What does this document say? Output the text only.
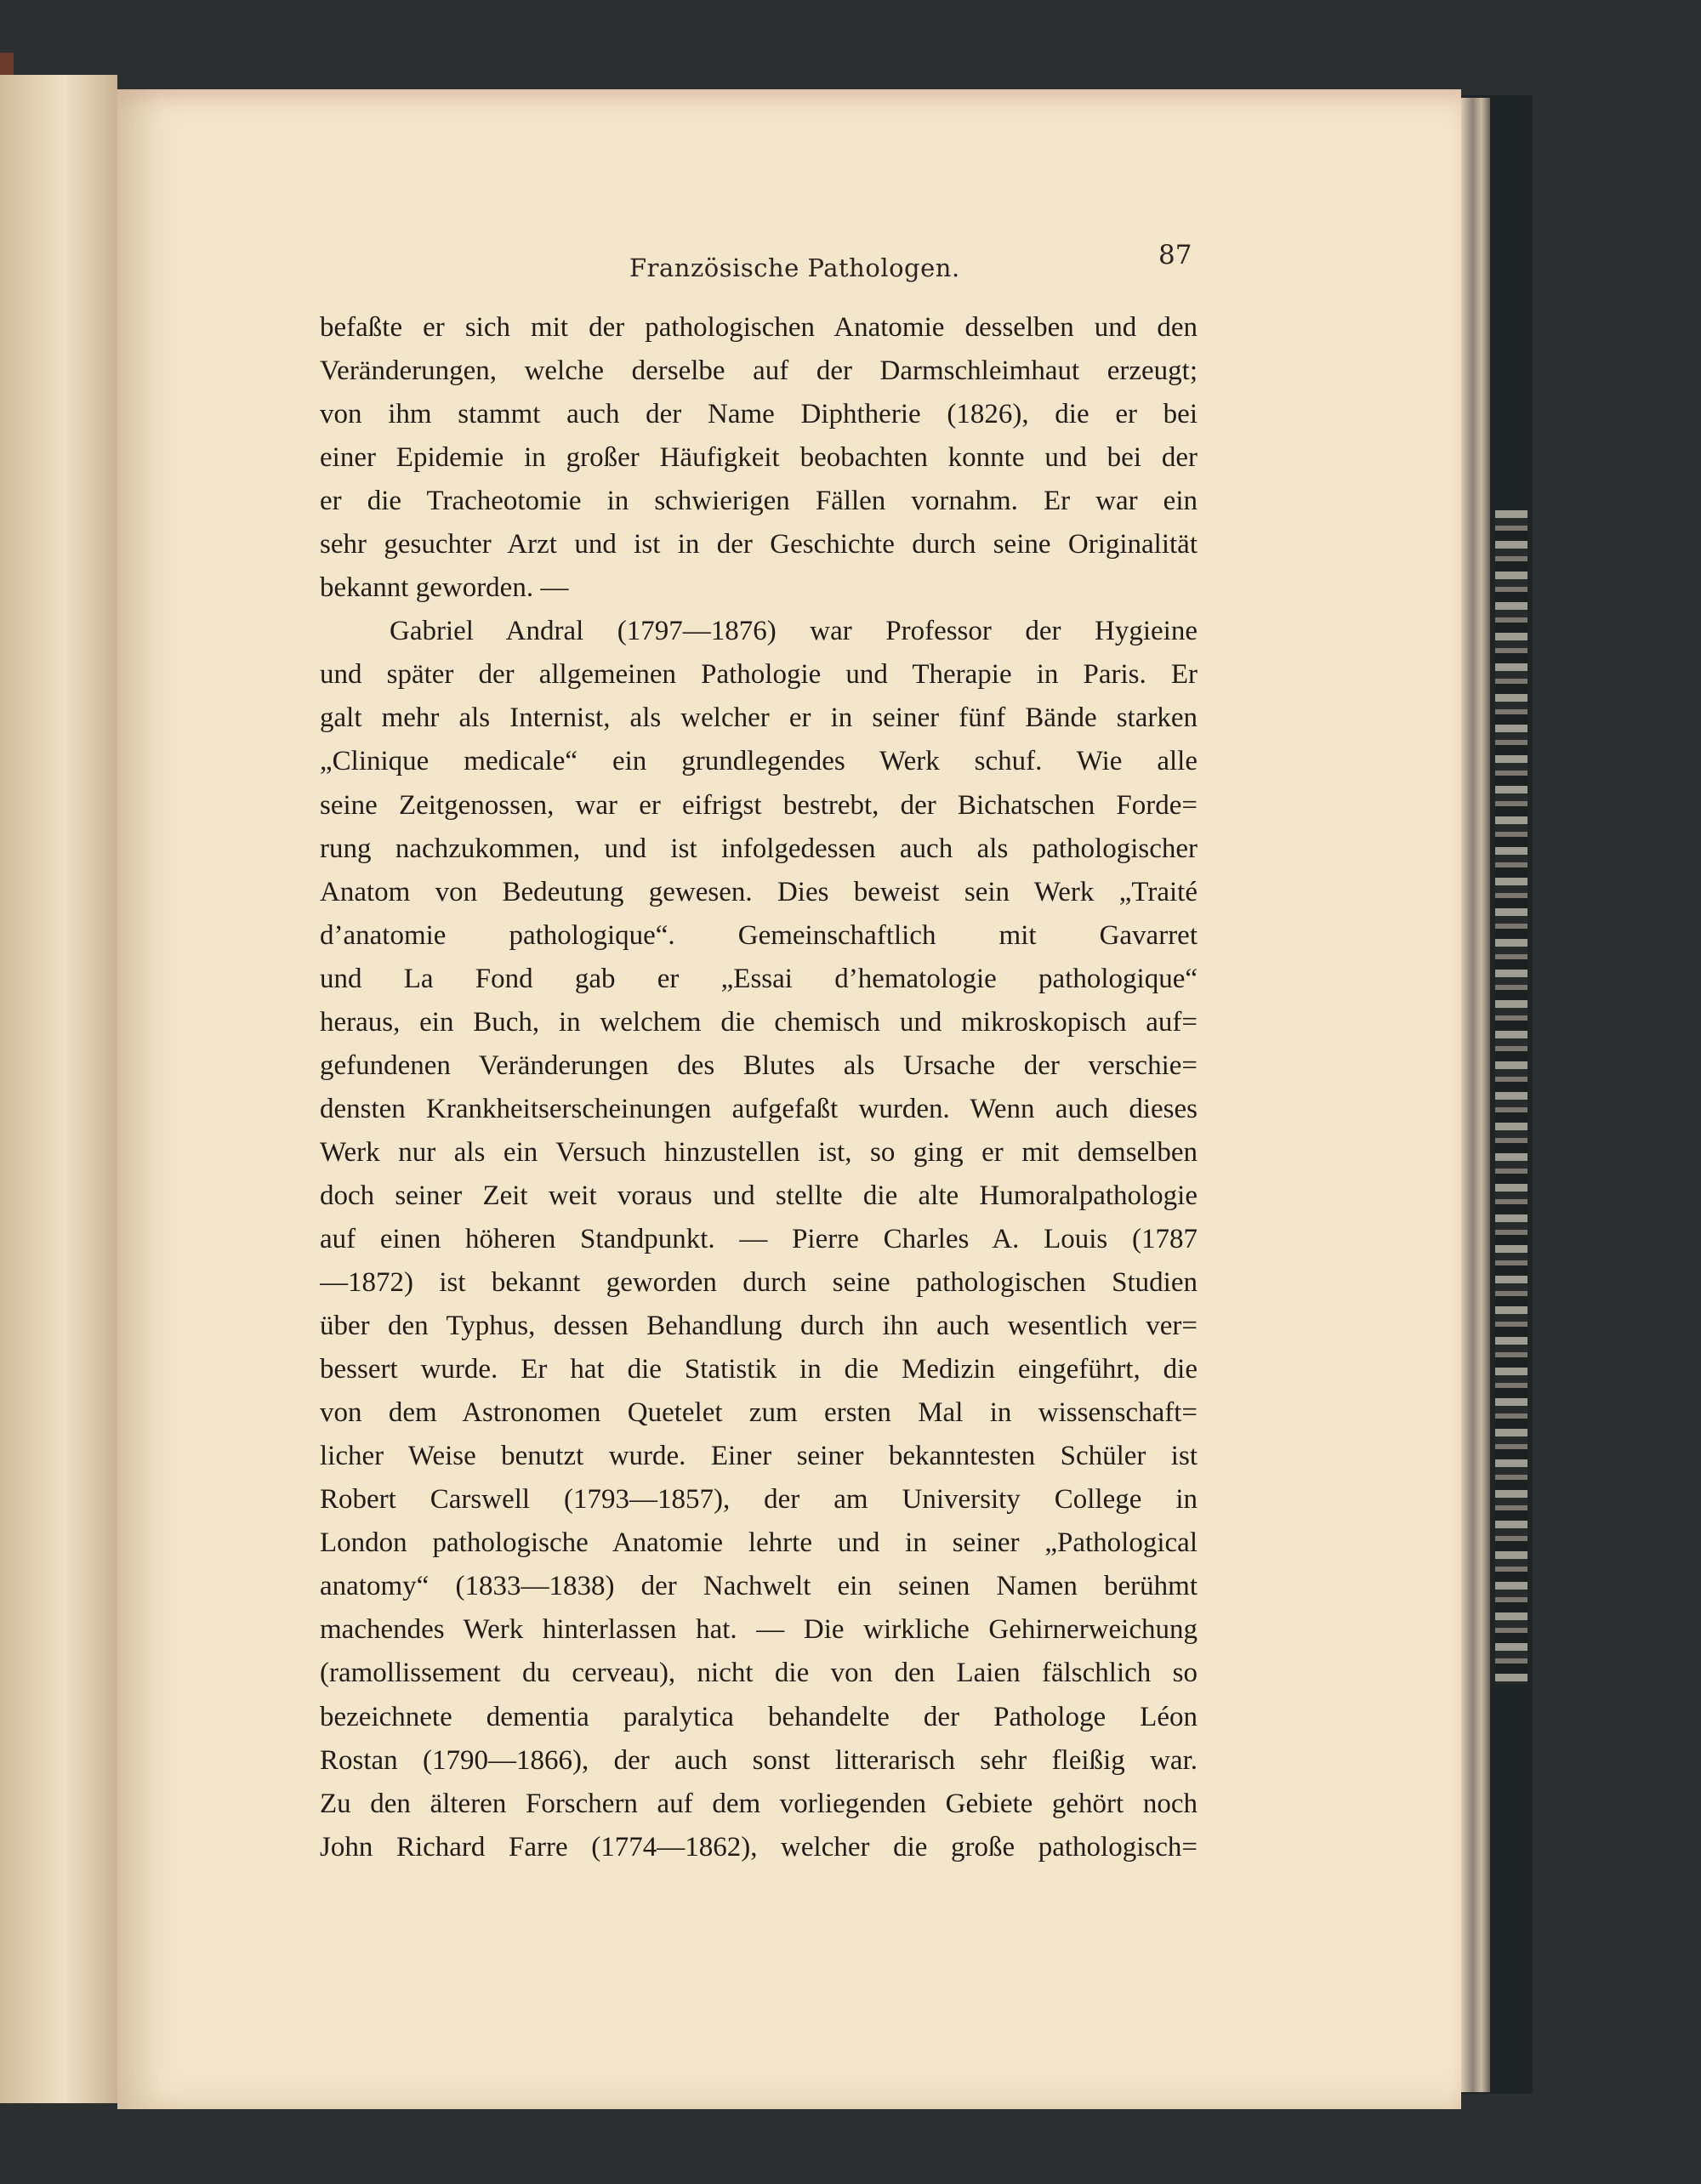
Französische Pathologen.	87
befaßte er sich mit der pathologischen Anatomie desselben und den
Veränderungen, welche derselbe auf der Darmschleimhaut erzeugt;
von ihm stammt auch der Name Diphtherie (1826), die er bei
einer Epidemie in großer Häufigkeit beobachten konnte und bei der
er die Tracheotomie in schwierigen Fällen vornahm. Er war ein
sehr gesuchter Arzt und ist in der Geschichte durch seine Originalität
bekannt geworden. —
Gabriel Andral (1797—1876) war Professor der Hygieine
und später der allgemeinen Pathologie und Therapie in Paris. Er
galt mehr als Internist, als welcher er in seiner fünf Bände starken
„Clinique medicale“ ein grundlegendes Werk schuf. Wie alle
seine Zeitgenossen, war er eifrigst bestrebt, der Bichatschen Forde=
rung nachzukommen, und ist infolgedessen auch als pathologischer
Anatom von Bedeutung gewesen. Dies beweist sein Werk „Traité
d’anatomie pathologique“. Gemeinschaftlich mit Gavarret
und La Fond gab er „Essai d’hematologie pathologique“
heraus, ein Buch, in welchem die chemisch und mikroskopisch auf=
gefundenen Veränderungen des Blutes als Ursache der verschie=
densten Krankheitserscheinungen aufgefaßt wurden. Wenn auch dieses
Werk nur als ein Versuch hinzustellen ist, so ging er mit demselben
doch seiner Zeit weit voraus und stellte die alte Humoralpathologie
auf einen höheren Standpunkt. — Pierre Charles A. Louis (1787
—1872) ist bekannt geworden durch seine pathologischen Studien
über den Typhus, dessen Behandlung durch ihn auch wesentlich ver=
bessert wurde. Er hat die Statistik in die Medizin eingeführt, die
von dem Astronomen Quetelet zum ersten Mal in wissenschaft=
licher Weise benutzt wurde. Einer seiner bekanntesten Schüler ist
Robert Carswell (1793—1857), der am University College in
London pathologische Anatomie lehrte und in seiner „Pathological
anatomy“ (1833—1838) der Nachwelt ein seinen Namen berühmt
machendes Werk hinterlassen hat. — Die wirkliche Gehirnerweichung
(ramollissement du cerveau), nicht die von den Laien fälschlich so
bezeichnete dementia paralytica behandelte der Pathologe Léon
Rostan (1790—1866), der auch sonst litterarisch sehr fleißig war.
Zu den älteren Forschern auf dem vorliegenden Gebiete gehört noch
John Richard Farre (1774—1862), welcher die große pathologisch=
